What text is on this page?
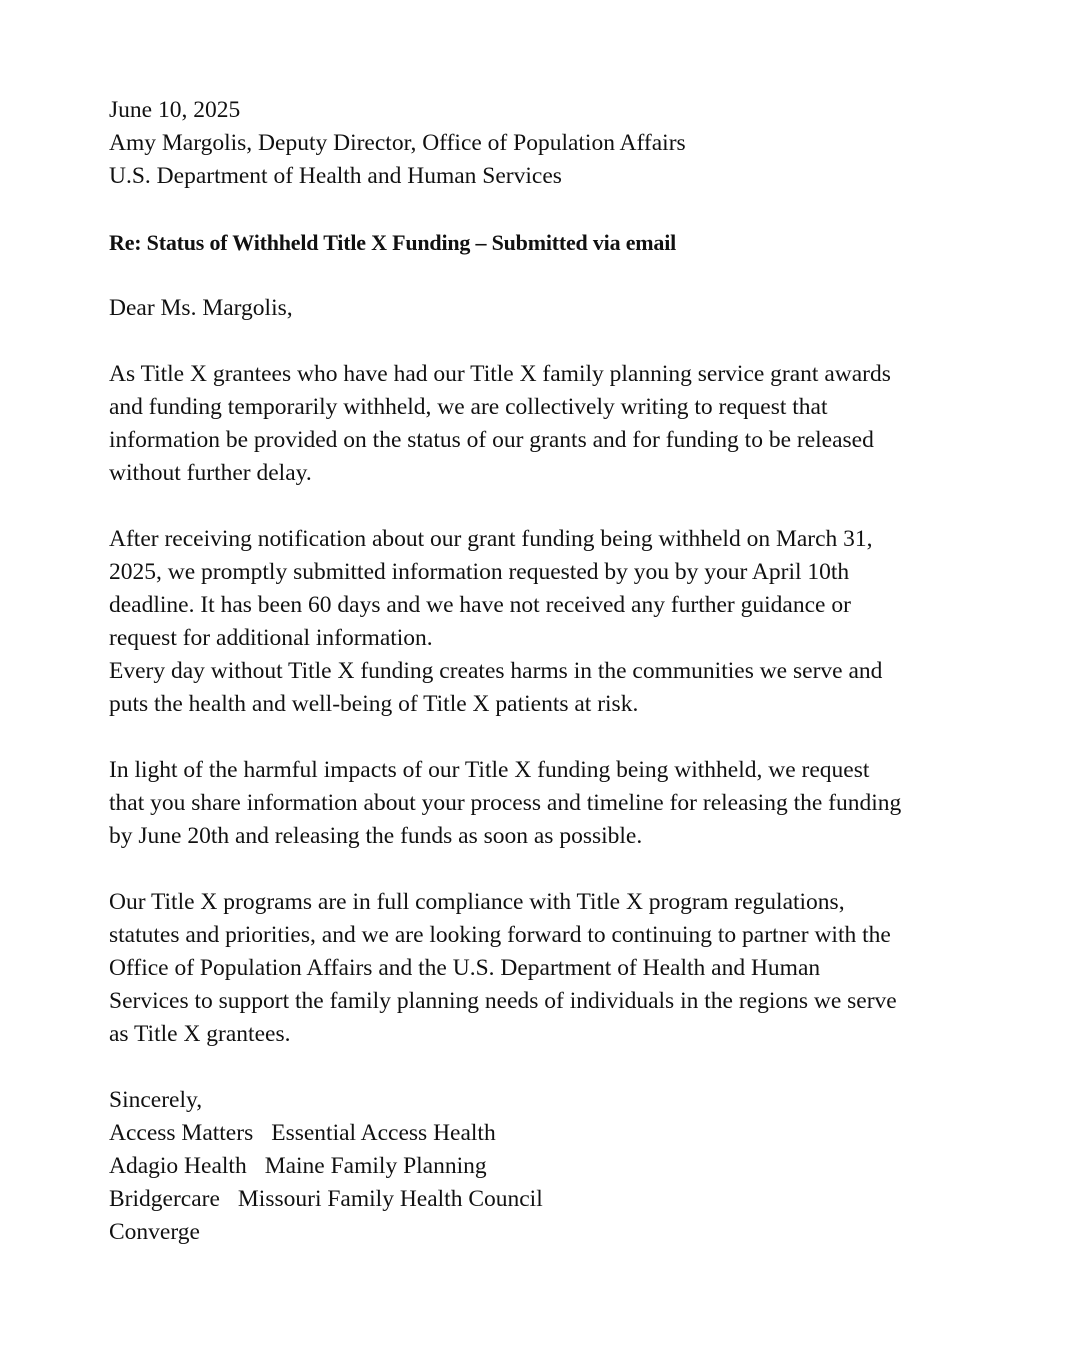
June 10, 2025
Amy Margolis, Deputy Director, Office of Population Affairs
U.S. Department of Health and Human Services
Re: Status of Withheld Title X Funding – Submitted via email
Dear Ms. Margolis,
As Title X grantees who have had our Title X family planning service grant awards
and funding temporarily withheld, we are collectively writing to request that
information be provided on the status of our grants and for funding to be released
without further delay.
After receiving notification about our grant funding being withheld on March 31,
2025, we promptly submitted information requested by you by your April 10th
deadline. It has been 60 days and we have not received any further guidance or
request for additional information.
Every day without Title X funding creates harms in the communities we serve and
puts the health and well-being of Title X patients at risk.
In light of the harmful impacts of our Title X funding being withheld, we request
that you share information about your process and timeline for releasing the funding
by June 20th and releasing the funds as soon as possible.
Our Title X programs are in full compliance with Title X program regulations,
statutes and priorities, and we are looking forward to continuing to partner with the
Office of Population Affairs and the U.S. Department of Health and Human
Services to support the family planning needs of individuals in the regions we serve
as Title X grantees.
Sincerely,
Access Matters Essential Access Health
Adagio Health Maine Family Planning
Bridgercare Missouri Family Health Council
Converge
